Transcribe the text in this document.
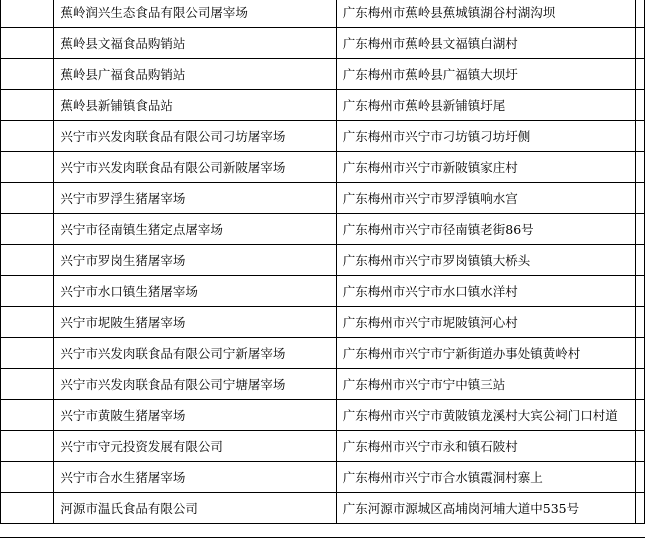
	蕉岭润兴生态食品有限公司屠宰场	广东梅州市蕉岭县蕉城镇湖谷村湖沟坝	
	蕉岭县文福食品购销站	广东梅州市蕉岭县文福镇白湖村	
	蕉岭县广福食品购销站	广东梅州市蕉岭县广福镇大坝圩	
	蕉岭县新铺镇食品站	广东梅州市蕉岭县新铺镇圩尾	
	兴宁市兴发肉联食品有限公司刁坊屠宰场	广东梅州市兴宁市刁坊镇刁坊圩侧	
	兴宁市兴发肉联食品有限公司新陂屠宰场	广东梅州市兴宁市新陂镇家庄村	
	兴宁市罗浮生猪屠宰场	广东梅州市兴宁市罗浮镇响水宫	
	兴宁市径南镇生猪定点屠宰场	广东梅州市兴宁市径南镇老街86号	
	兴宁市罗岗生猪屠宰场	广东梅州市兴宁市罗岗镇镇大桥头	
	兴宁市水口镇生猪屠宰场	广东梅州市兴宁市水口镇水洋村	
	兴宁市坭陂生猪屠宰场	广东梅州市兴宁市坭陂镇河心村	
	兴宁市兴发肉联食品有限公司宁新屠宰场	广东梅州市兴宁市宁新街道办事处镇黄岭村	
	兴宁市兴发肉联食品有限公司宁塘屠宰场	广东梅州市兴宁市宁中镇三站	
	兴宁市黄陂生猪屠宰场	广东梅州市兴宁市黄陂镇龙溪村大宾公祠门口村道	
	兴宁市守元投资发展有限公司	广东梅州市兴宁市永和镇石陂村	
	兴宁市合水生猪屠宰场	广东梅州市兴宁市合水镇霞洞村寨上	
	河源市温氏食品有限公司	广东河源市源城区高埔岗河埔大道中535号	
